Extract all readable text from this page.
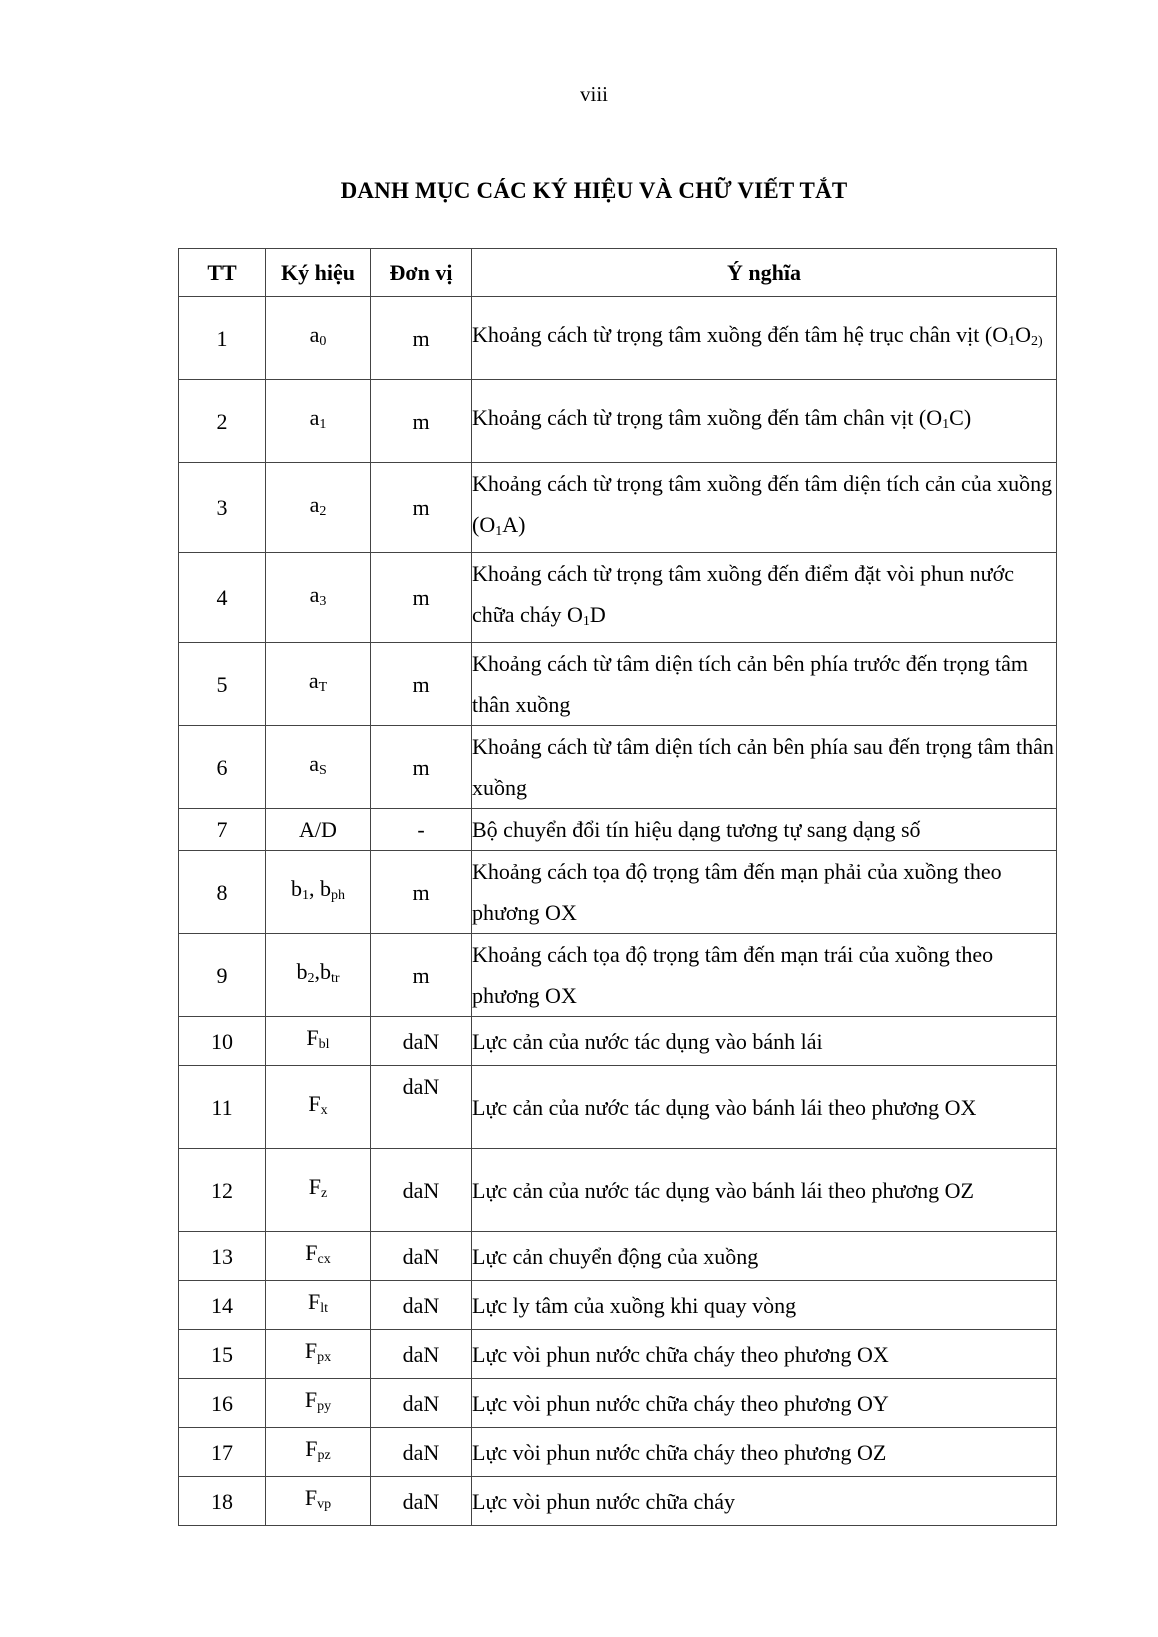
viii
DANH MỤC CÁC KÝ HIỆU VÀ CHỮ VIẾT TẮT
TT	Ký hiệu	Đơn vị	Ý nghĩa
1	$a_0$	m	Khoảng cách từ trọng tâm xuồng đến tâm hệ trục chân vịt ($O_1O_{2)}$
2	$a_1$	m	Khoảng cách từ trọng tâm xuồng đến tâm chân vịt $(O_1C)$
3	$a_2$	m	Khoảng cách từ trọng tâm xuồng đến tâm diện tích cản của xuồng $(O_1A)$
4	$a_3$	m	Khoảng cách từ trọng tâm xuồng đến điểm đặt vòi phun nước chữa cháy $O_1D$
5	$a_T$	m	Khoảng cách từ tâm diện tích cản bên phía trước đến trọng tâm thân xuồng
6	$a_S$	m	Khoảng cách từ tâm diện tích cản bên phía sau đến trọng tâm thân xuồng
7	A/D	-	Bộ chuyển đổi tín hiệu dạng tương tự sang dạng số
8	$b_1$, $b_{ph}$	m	Khoảng cách tọa độ trọng tâm đến mạn phải của xuồng theo phương OX
9	$b_2,b_{tr}$	m	Khoảng cách tọa độ trọng tâm đến mạn trái của xuồng theo phương OX
10	$F_{bl}$	daN	Lực cản của nước tác dụng vào bánh lái
11	$F_x$	daN	Lực cản của nước tác dụng vào bánh lái theo phương OX
12	$F_z$	daN	Lực cản của nước tác dụng vào bánh lái theo phương OZ
13	$F_{cx}$	daN	Lực cản chuyển động của xuồng
14	$F_{lt}$	daN	Lực ly tâm của xuồng khi quay vòng
15	$F_{px}$	daN	Lực vòi phun nước chữa cháy theo phương OX
16	$F_{py}$	daN	Lực vòi phun nước chữa cháy theo phương OY
17	$F_{pz}$	daN	Lực vòi phun nước chữa cháy theo phương OZ
18	$F_{vp}$	daN	Lực vòi phun nước chữa cháy
